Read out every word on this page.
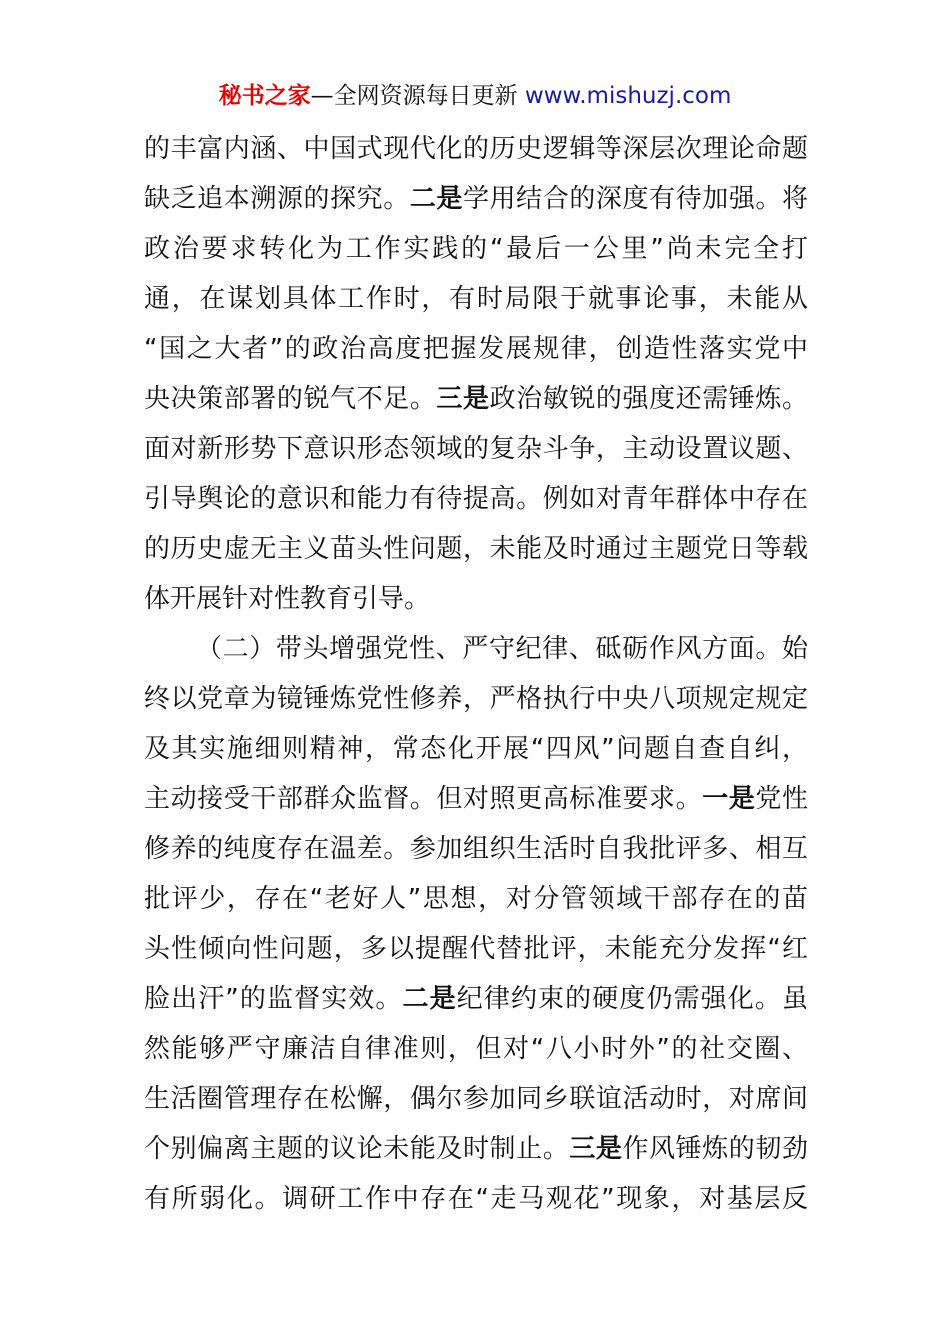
秘书之家—全网资源每日更新 www.mishuzj.com
的丰富内涵、中国式现代化的历史逻辑等深层次理论命题
缺乏追本溯源的探究。二是学用结合的深度有待加强。将
政治要求转化为工作实践的“最后一公里”尚未完全打
通，在谋划具体工作时，有时局限于就事论事，未能从
“国之大者”的政治高度把握发展规律，创造性落实党中
央决策部署的锐气不足。三是政治敏锐的强度还需锤炼。
面对新形势下意识形态领域的复杂斗争，主动设置议题、
引导舆论的意识和能力有待提高。例如对青年群体中存在
的历史虚无主义苗头性问题，未能及时通过主题党日等载
体开展针对性教育引导。
（二）带头增强党性、严守纪律、砥砺作风方面。始
终以党章为镜锤炼党性修养，严格执行中央八项规定规定
及其实施细则精神，常态化开展“四风”问题自查自纠，
主动接受干部群众监督。但对照更高标准要求。一是党性
修养的纯度存在温差。参加组织生活时自我批评多、相互
批评少，存在“老好人”思想，对分管领域干部存在的苗
头性倾向性问题，多以提醒代替批评，未能充分发挥“红
脸出汗”的监督实效。二是纪律约束的硬度仍需强化。虽
然能够严守廉洁自律准则，但对“八小时外”的社交圈、
生活圈管理存在松懈，偶尔参加同乡联谊活动时，对席间
个别偏离主题的议论未能及时制止。三是作风锤炼的韧劲
有所弱化。调研工作中存在“走马观花”现象，对基层反
